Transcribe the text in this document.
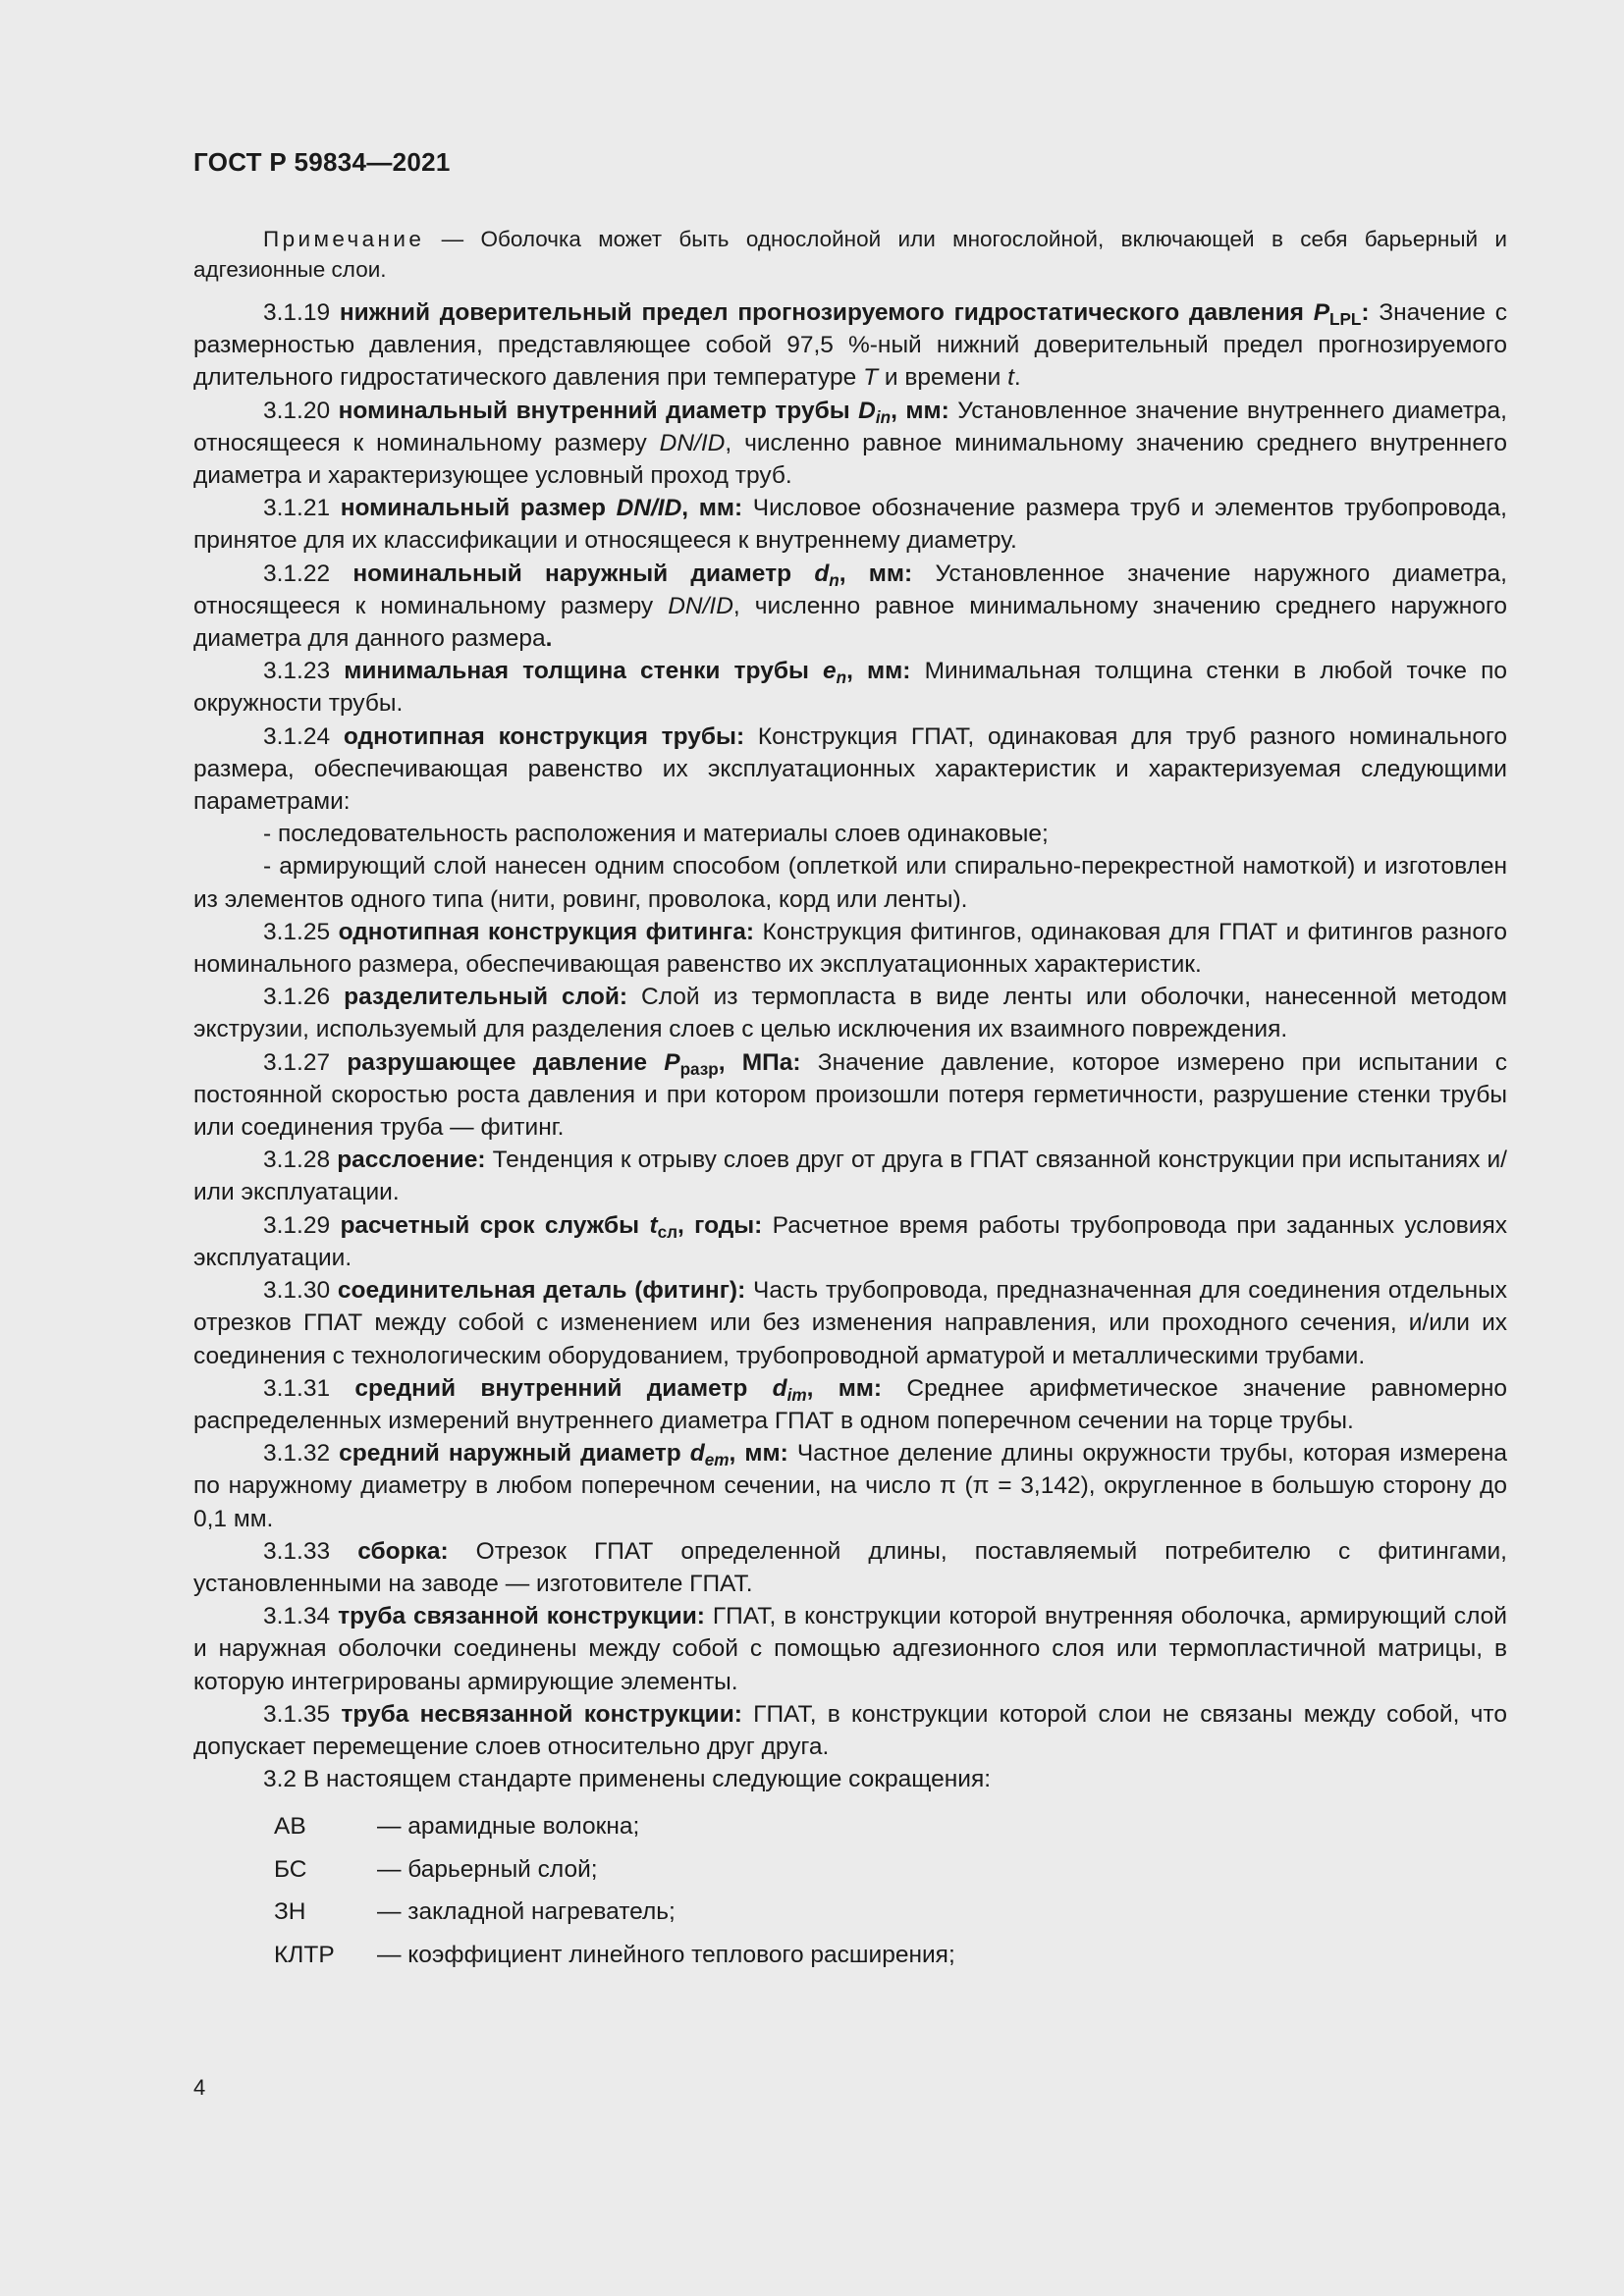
ГОСТ Р 59834—2021

Примечание — Оболочка может быть однослойной или многослойной, включающей в себя барьерный и адгезионные слои.

3.1.19 нижний доверительный предел прогнозируемого гидростатического давления $P_{LPL}$: Значение с размерностью давления, представляющее собой 97,5 %-ный нижний доверительный предел прогнозируемого длительного гидростатического давления при температуре T и времени t.

3.1.20 номинальный внутренний диаметр трубы $D_{in}$, мм: Установленное значение внутреннего диаметра, относящееся к номинальному размеру DN/ID, численно равное минимальному значению среднего внутреннего диаметра и характеризующее условный проход труб.

3.1.21 номинальный размер DN/ID, мм: Числовое обозначение размера труб и элементов трубопровода, принятое для их классификации и относящееся к внутреннему диаметру.

3.1.22 номинальный наружный диаметр $d_n$, мм: Установленное значение наружного диаметра, относящееся к номинальному размеру DN/ID, численно равное минимальному значению среднего наружного диаметра для данного размера.

3.1.23 минимальная толщина стенки трубы $e_n$, мм: Минимальная толщина стенки в любой точке по окружности трубы.

3.1.24 однотипная конструкция трубы: Конструкция ГПАТ, одинаковая для труб разного номинального размера, обеспечивающая равенство их эксплуатационных характеристик и характеризуемая следующими параметрами:

- последовательность расположения и материалы слоев одинаковые;

- армирующий слой нанесен одним способом (оплеткой или спирально-перекрестной намоткой) и изготовлен из элементов одного типа (нити, ровинг, проволока, корд или ленты).

3.1.25 однотипная конструкция фитинга: Конструкция фитингов, одинаковая для ГПАТ и фитингов разного номинального размера, обеспечивающая равенство их эксплуатационных характеристик.

3.1.26 разделительный слой: Слой из термопласта в виде ленты или оболочки, нанесенной методом экструзии, используемый для разделения слоев с целью исключения их взаимного повреждения.

3.1.27 разрушающее давление $P_{разр}$, МПа: Значение давление, которое измерено при испытании с постоянной скоростью роста давления и при котором произошли потеря герметичности, разрушение стенки трубы или соединения труба — фитинг.

3.1.28 расслоение: Тенденция к отрыву слоев друг от друга в ГПАТ связанной конструкции при испытаниях и/или эксплуатации.

3.1.29 расчетный срок службы $t_{сл}$, годы: Расчетное время работы трубопровода при заданных условиях эксплуатации.

3.1.30 соединительная деталь (фитинг): Часть трубопровода, предназначенная для соединения отдельных отрезков ГПАТ между собой с изменением или без изменения направления, или проходного сечения, и/или их соединения с технологическим оборудованием, трубопроводной арматурой и металлическими трубами.

3.1.31 средний внутренний диаметр $d_{im}$, мм: Среднее арифметическое значение равномерно распределенных измерений внутреннего диаметра ГПАТ в одном поперечном сечении на торце трубы.

3.1.32 средний наружный диаметр $d_{em}$, мм: Частное деление длины окружности трубы, которая измерена по наружному диаметру в любом поперечном сечении, на число π (π = 3,142), округленное в большую сторону до 0,1 мм.

3.1.33 сборка: Отрезок ГПАТ определенной длины, поставляемый потребителю с фитингами, установленными на заводе — изготовителе ГПАТ.

3.1.34 труба связанной конструкции: ГПАТ, в конструкции которой внутренняя оболочка, армирующий слой и наружная оболочки соединены между собой с помощью адгезионного слоя или термопластичной матрицы, в которую интегрированы армирующие элементы.

3.1.35 труба несвязанной конструкции: ГПАТ, в конструкции которой слои не связаны между собой, что допускает перемещение слоев относительно друг друга.

3.2 В настоящем стандарте применены следующие сокращения:

АВ	— арамидные волокна;
БС	— барьерный слой;
ЗН	— закладной нагреватель;
КЛТР	— коэффициент линейного теплового расширения;
4
